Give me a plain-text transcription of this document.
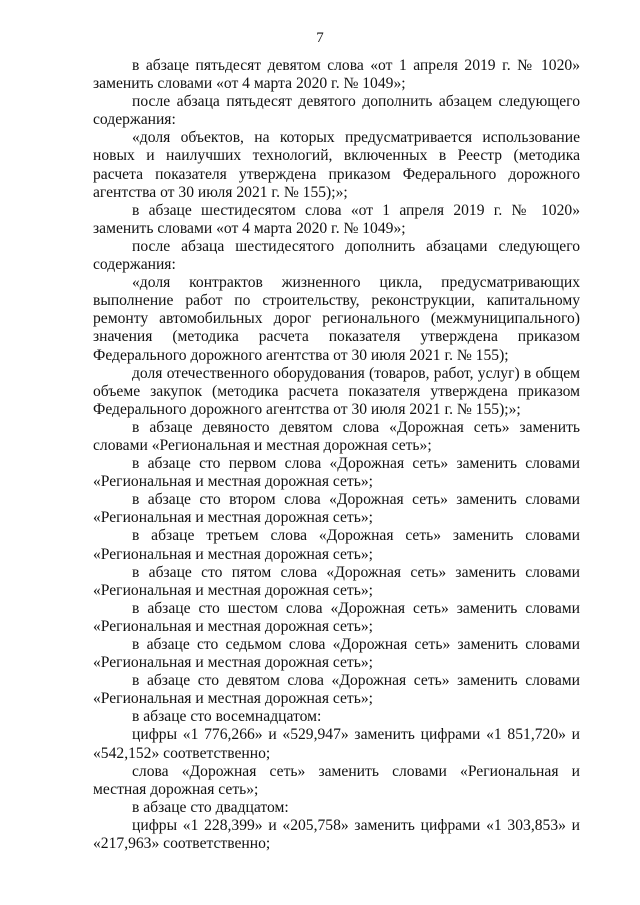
7

в абзаце пятьдесят девятом слова «от 1 апреля 2019 г. № 1020» заменить словами «от 4 марта 2020 г. № 1049»;

после абзаца пятьдесят девятого дополнить абзацем следующего содержания:

«доля объектов, на которых предусматривается использование новых и наилучших технологий, включенных в Реестр (методика расчета показателя утверждена приказом Федерального дорожного агентства от 30 июля 2021 г. № 155);»;

в абзаце шестидесятом слова «от 1 апреля 2019 г. № 1020» заменить словами «от 4 марта 2020 г. № 1049»;

после абзаца шестидесятого дополнить абзацами следующего содержания:

«доля контрактов жизненного цикла, предусматривающих выполнение работ по строительству, реконструкции, капитальному ремонту автомобильных дорог регионального (межмуниципального) значения (методика расчета показателя утверждена приказом Федерального дорожного агентства от 30 июля 2021 г. № 155);

доля отечественного оборудования (товаров, работ, услуг) в общем объеме закупок (методика расчета показателя утверждена приказом Федерального дорожного агентства от 30 июля 2021 г. № 155);»;

в абзаце девяносто девятом слова «Дорожная сеть» заменить словами «Региональная и местная дорожная сеть»;

в абзаце сто первом слова «Дорожная сеть» заменить словами «Региональная и местная дорожная сеть»;

в абзаце сто втором слова «Дорожная сеть» заменить словами «Региональная и местная дорожная сеть»;

в абзаце третьем слова «Дорожная сеть» заменить словами «Региональная и местная дорожная сеть»;

в абзаце сто пятом слова «Дорожная сеть» заменить словами «Региональная и местная дорожная сеть»;

в абзаце сто шестом слова «Дорожная сеть» заменить словами «Региональная и местная дорожная сеть»;

в абзаце сто седьмом слова «Дорожная сеть» заменить словами «Региональная и местная дорожная сеть»;

в абзаце сто девятом слова «Дорожная сеть» заменить словами «Региональная и местная дорожная сеть»;

в абзаце сто восемнадцатом:

цифры «1 776,266» и «529,947» заменить цифрами «1 851,720» и «542,152» соответственно;

слова «Дорожная сеть» заменить словами «Региональная и местная дорожная сеть»;

в абзаце сто двадцатом:

цифры «1 228,399» и «205,758» заменить цифрами «1 303,853» и «217,963» соответственно;
